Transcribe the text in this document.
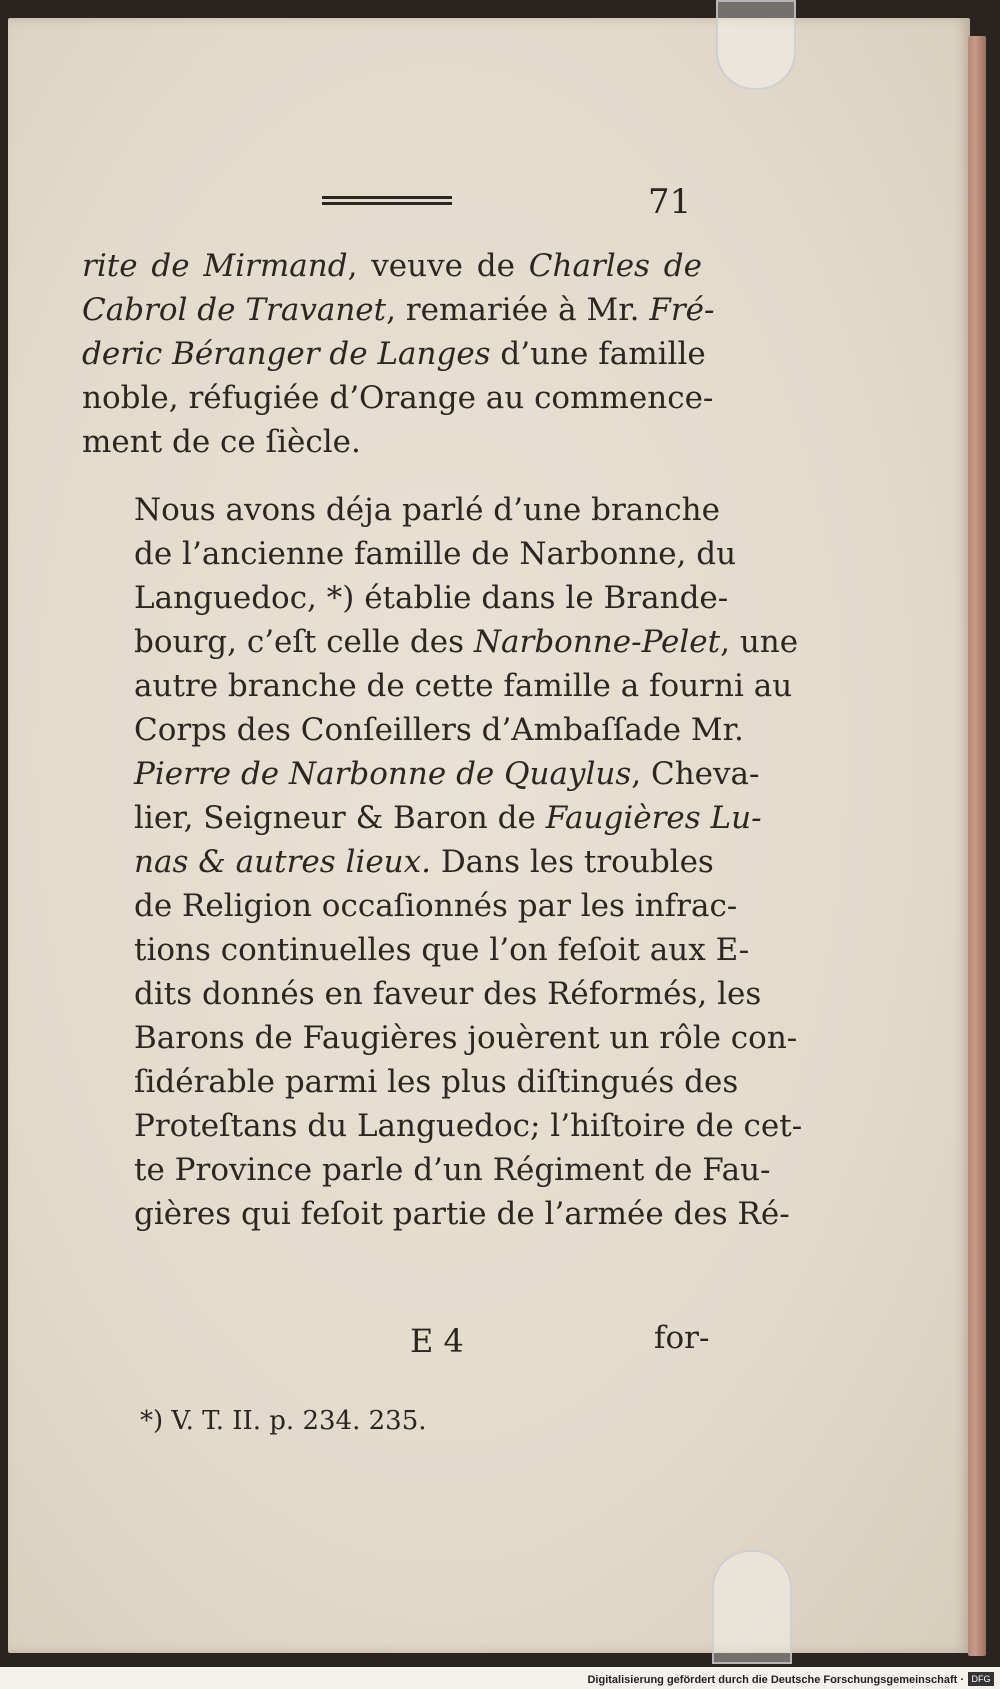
71

rite de Mirmand, veuve de Charles de
Cabrol de Travanet, remariée à Mr. Fré-
deric Béranger de Langes d’une famille
noble, réfugiée d’Orange au commence-
ment de ce ſiècle.

Nous avons déja parlé d’une branche
de l’ancienne famille de Narbonne, du
Languedoc, *) établie dans le Brande-
bourg, c’eſt celle des Narbonne-Pelet, une
autre branche de cette famille a fourni au
Corps des Conſeillers d’Ambaſſade Mr.
Pierre de Narbonne de Quaylus, Cheva-
lier, Seigneur & Baron de Faugières Lu-
nas & autres lieux. Dans les troubles
de Religion occaſionnés par les infrac-
tions continuelles que l’on feſoit aux E-
dits donnés en faveur des Réformés, les
Barons de Faugières jouèrent un rôle con-
ſidérable parmi les plus diſtingués des
Proteſtans du Languedoc; l’hiſtoire de cet-
te Province parle d’un Régiment de Fau-
gières qui feſoit partie de l’armée des Ré-

E 4	for-
*) V. T. II. p. 234. 235.
Digitalisierung gefördert durch die Deutsche Forschungsgemeinschaft · DFG
